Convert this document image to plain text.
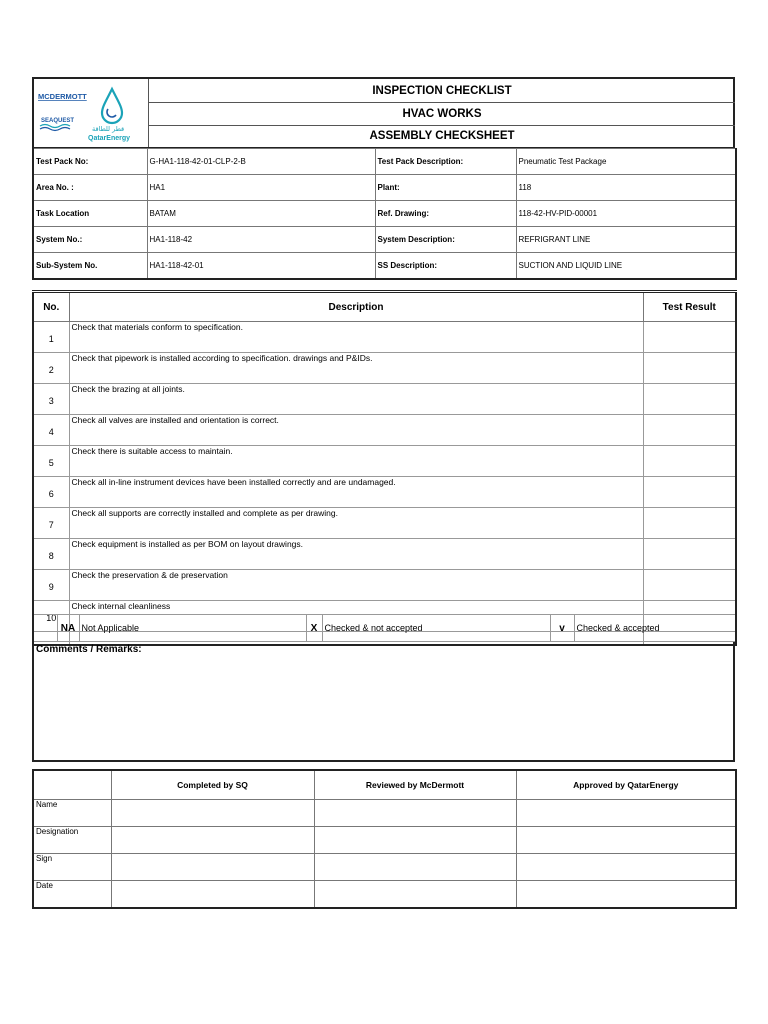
MCDERMOTT
SEAQUEST
قطر للطاقة
QatarEnergy
INSPECTION CHECKLIST
HVAC WORKS
ASSEMBLY CHECKSHEET
Test Pack No:	G-HA1-118-42-01-CLP-2-B	Test Pack Description:	Pneumatic Test Package
Area No. :	HA1	Plant:	118
Task Location	BATAM	Ref. Drawing:	118-42-HV-PID-00001
System No.:	HA1-118-42	System Description:	REFRIGRANT LINE
Sub-System No.	HA1-118-42-01	SS Description:	SUCTION AND LIQUID LINE
No.	Description	Test Result
1	Check that materials conform to specification.	
2	Check that pipework is installed according to specification. drawings and P&IDs.	
3	Check the brazing at all joints.	
4	Check all valves are installed and orientation is correct.	
5	Check there is suitable access to maintain.	
6	Check all in-line instrument devices have been installed correctly and are undamaged.	
7	Check all supports are correctly installed and complete as per drawing.	
8	Check equipment is installed as per BOM on layout drawings.	
9	Check the preservation & de preservation	
10	Check internal cleanliness	

	NA	Not Applicable	X	Checked & not accepted	v	Checked & accepted
Comments / Remarks:
	Completed by SQ	Reviewed by McDermott	Approved by QatarEnergy
Name			
Designation			
Sign			
Date			
